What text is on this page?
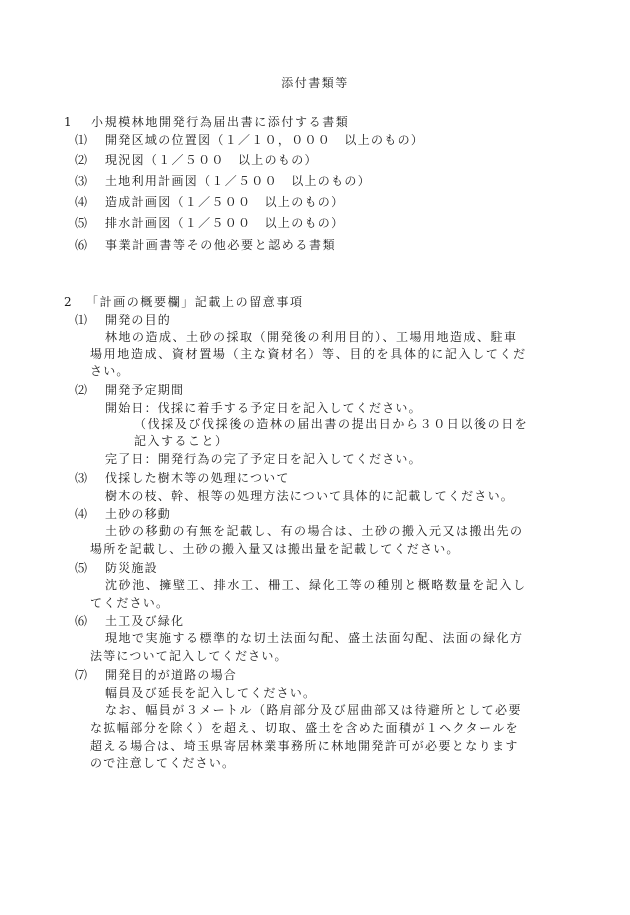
添付書類等
1 小規模林地開発行為届出書に添付する書類
⑴ 開発区域の位置図（１／１０，０００　以上のもの）
⑵ 現況図（１／５００　以上のもの）
⑶ 土地利用計画図（１／５００　以上のもの）
⑷ 造成計画図（１／５００　以上のもの）
⑸ 排水計画図（１／５００　以上のもの）
⑹ 事業計画書等その他必要と認める書類
2 「計画の概要欄」記載上の留意事項
⑴ 開発の目的
林地の造成、土砂の採取（開発後の利用目的）、工場用地造成、駐車
場用地造成、資材置場（主な資材名）等、目的を具体的に記入してくだ
さい。
⑵ 開発予定期間
開始日：伐採に着手する予定日を記入してください。
（伐採及び伐採後の造林の届出書の提出日から３０日以後の日を
記入すること）
完了日：開発行為の完了予定日を記入してください。
⑶ 伐採した樹木等の処理について
樹木の枝、幹、根等の処理方法について具体的に記載してください。
⑷ 土砂の移動
土砂の移動の有無を記載し、有の場合は、土砂の搬入元又は搬出先の
場所を記載し、土砂の搬入量又は搬出量を記載してください。
⑸ 防災施設
沈砂池、擁壁工、排水工、柵工、緑化工等の種別と概略数量を記入し
てください。
⑹ 土工及び緑化
現地で実施する標準的な切土法面勾配、盛土法面勾配、法面の緑化方
法等について記入してください。
⑺ 開発目的が道路の場合
幅員及び延長を記入してください。
なお、幅員が３メートル（路肩部分及び屈曲部又は待避所として必要
な拡幅部分を除く）を超え、切取、盛土を含めた面積が１ヘクタールを
超える場合は、埼玉県寄居林業事務所に林地開発許可が必要となります
ので注意してください。
